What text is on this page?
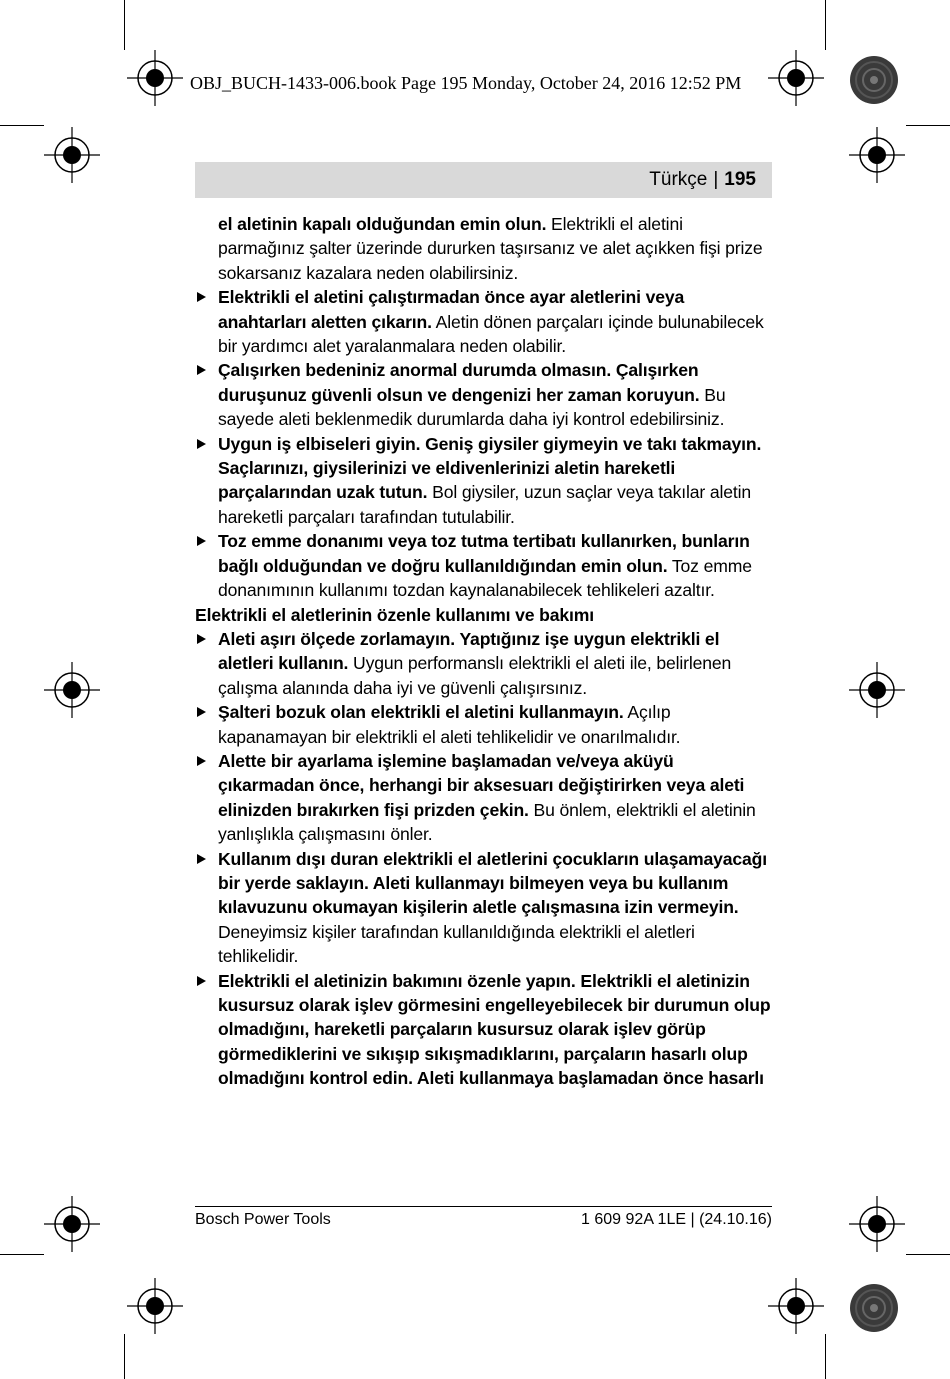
OBJ_BUCH-1433-006.book Page 195 Monday, October 24, 2016 12:52 PM
Türkçe | 195

el aletinin kapalı olduğundan emin olun. Elektrikli el aletini parmağınız şalter üzerinde dururken taşırsanız ve alet açıkken fişi prize sokarsanız kazalara neden olabilirsiniz.

Elektrikli el aletini çalıştırmadan önce ayar aletlerini veya anahtarları aletten çıkarın. Aletin dönen parçaları içinde bulunabilecek bir yardımcı alet yaralanmalara neden olabilir.

Çalışırken bedeniniz anormal durumda olmasın. Çalışırken duruşunuz güvenli olsun ve dengenizi her zaman koruyun. Bu sayede aleti beklenmedik durumlarda daha iyi kontrol edebilirsiniz.

Uygun iş elbiseleri giyin. Geniş giysiler giymeyin ve takı takmayın. Saçlarınızı, giysilerinizi ve eldivenlerinizi aletin hareketli parçalarından uzak tutun. Bol giysiler, uzun saçlar veya takılar aletin hareketli parçaları tarafından tutulabilir.

Toz emme donanımı veya toz tutma tertibatı kullanırken, bunların bağlı olduğundan ve doğru kullanıldığından emin olun. Toz emme donanımının kullanımı tozdan kaynalanabilecek tehlikeleri azaltır.

Elektrikli el aletlerinin özenle kullanımı ve bakımı

Aleti aşırı ölçede zorlamayın. Yaptığınız işe uygun elektrikli el aletleri kullanın. Uygun performanslı elektrikli el aleti ile, belirlenen çalışma alanında daha iyi ve güvenli çalışırsınız.

Şalteri bozuk olan elektrikli el aletini kullanmayın. Açılıp kapanamayan bir elektrikli el aleti tehlikelidir ve onarılmalıdır.

Alette bir ayarlama işlemine başlamadan ve/veya aküyü çıkarmadan önce, herhangi bir aksesuarı değiştirirken veya aleti elinizden bırakırken fişi prizden çekin. Bu önlem, elektrikli el aletinin yanlışlıkla çalışmasını önler.

Kullanım dışı duran elektrikli el aletlerini çocukların ulaşamayacağı bir yerde saklayın. Aleti kullanmayı bilmeyen veya bu kullanım kılavuzunu okumayan kişilerin aletle çalışmasına izin vermeyin. Deneyimsiz kişiler tarafından kullanıldığında elektrikli el aletleri tehlikelidir.

Elektrikli el aletinizin bakımını özenle yapın. Elektrikli el aletinizin kusursuz olarak işlev görmesini engelleyebilecek bir durumun olup olmadığını, hareketli parçaların kusursuz olarak işlev görüp görmediklerini ve sıkışıp sıkışmadıklarını, parçaların hasarlı olup olmadığını kontrol edin. Aleti kullanmaya başlamadan önce hasarlı

Bosch Power Tools	1 609 92A 1LE | (24.10.16)
